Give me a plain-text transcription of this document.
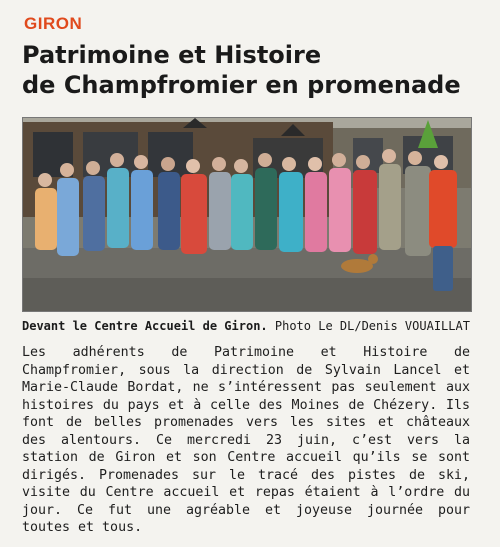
GIRON
Patrimoine et Histoire
de Champfromier en promenade
Devant le Centre Accueil de Giron. Photo Le DL/Denis VOUAILLAT

Les adhérents de Patrimoine et Histoire de Champfromier, sous la direction de Sylvain Lancel et Marie-Claude Bordat, ne s’intéressent pas seulement aux histoires du pays et à celle des Moines de Chézery. Ils font de belles promenades vers les sites et châteaux des alentours. Ce mercredi 23 juin, c’est vers la station de Giron et son Centre accueil qu’ils se sont dirigés. Promenades sur le tracé des pistes de ski, visite du Centre accueil et repas étaient à l’ordre du jour. Ce fut une agréable et joyeuse journée pour toutes et tous.
